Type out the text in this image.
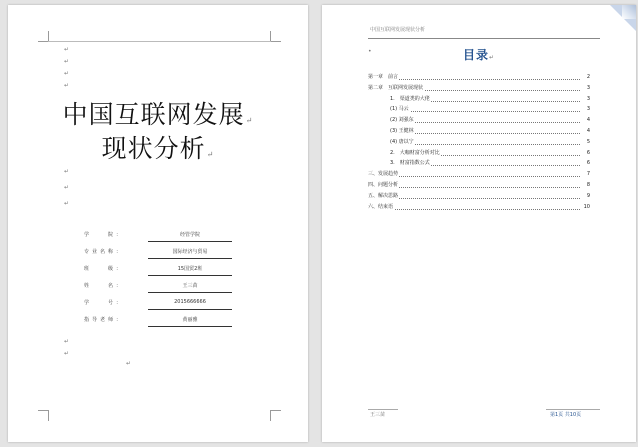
↵
↵
↵
↵
中国互联网发展↵
现状分析↵
↵
↵
↵
学　　院：	经管学院
专业名称：	国际经济与贸易
班　　级：	15国贸2班
姓　　名：	王三苗
学　　号：	2015666666
指导老师：	黄丽雅
↵
↵
↵
中国互联网发展现状分析
•	目录↵
第一章　前言	2
第二章　互联网发展现状	3
1.　渠道类的大佬	3
(1) 马云	3
(2) 刘强东	4
(3) 王健林	4
(4) 唐以宁	5
2.　大咖财富分析对比	6
3.　财富指数公式	6
三、发展趋势	7
四、问题分析	8
五、解决思路	9
六、结束语	10
王三苗	第1页 共10页
